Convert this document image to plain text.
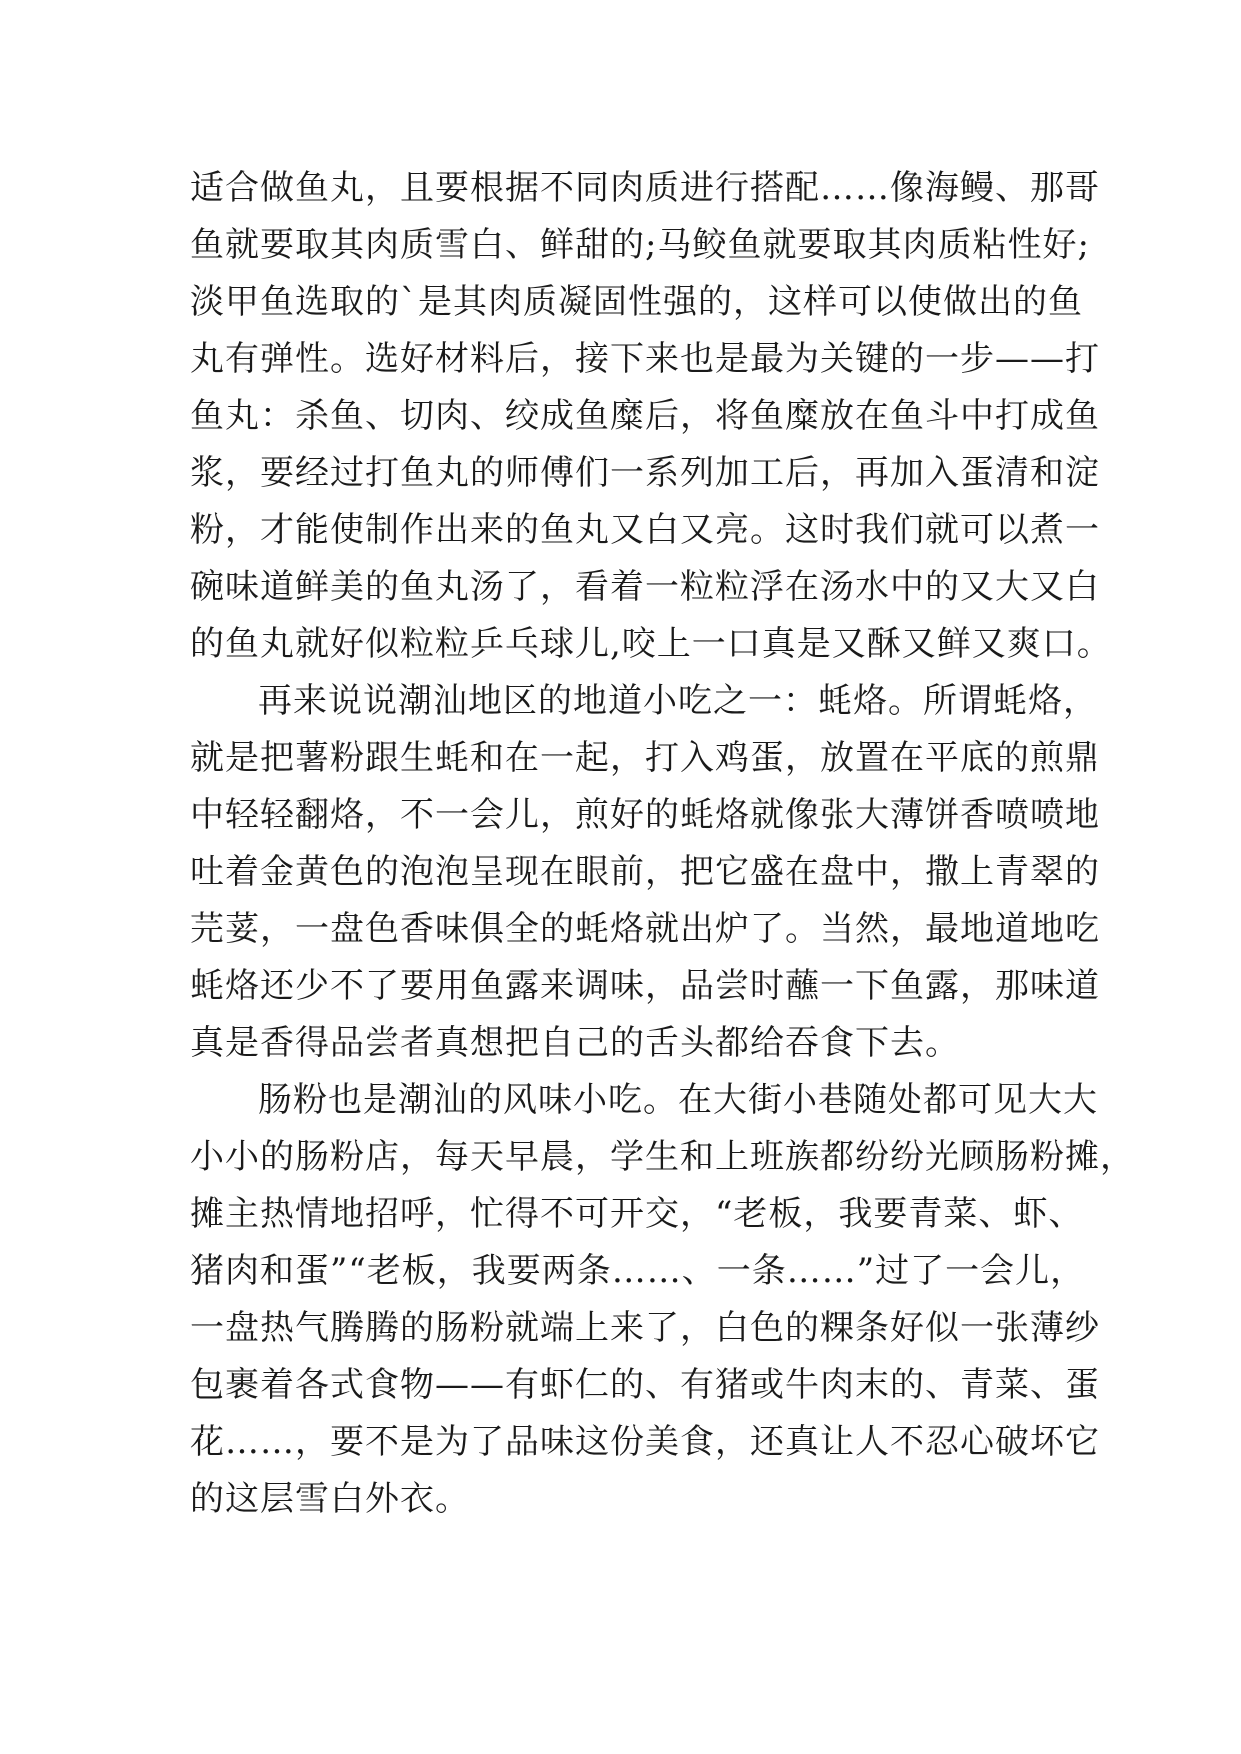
适合做鱼丸，且要根据不同肉质进行搭配……像海鳗、那哥
鱼就要取其肉质雪白、鲜甜的;马鲛鱼就要取其肉质粘性好;
淡甲鱼选取的`是其肉质凝固性强的，这样可以使做出的鱼
丸有弹性。选好材料后，接下来也是最为关键的一步——打
鱼丸：杀鱼、切肉、绞成鱼糜后，将鱼糜放在鱼斗中打成鱼
浆，要经过打鱼丸的师傅们一系列加工后，再加入蛋清和淀
粉，才能使制作出来的鱼丸又白又亮。这时我们就可以煮一
碗味道鲜美的鱼丸汤了，看着一粒粒浮在汤水中的又大又白
的鱼丸就好似粒粒乒乓球儿,咬上一口真是又酥又鲜又爽口。
再来说说潮汕地区的地道小吃之一：蚝烙。所谓蚝烙，
就是把薯粉跟生蚝和在一起，打入鸡蛋，放置在平底的煎鼎
中轻轻翻烙，不一会儿，煎好的蚝烙就像张大薄饼香喷喷地
吐着金黄色的泡泡呈现在眼前，把它盛在盘中，撒上青翠的
芫荽，一盘色香味俱全的蚝烙就出炉了。当然，最地道地吃
蚝烙还少不了要用鱼露来调味，品尝时蘸一下鱼露，那味道
真是香得品尝者真想把自己的舌头都给吞食下去。
肠粉也是潮汕的风味小吃。在大街小巷随处都可见大大
小小的肠粉店，每天早晨，学生和上班族都纷纷光顾肠粉摊，
摊主热情地招呼，忙得不可开交，“老板，我要青菜、虾、
猪肉和蛋”“老板，我要两条……、一条……”过了一会儿，
一盘热气腾腾的肠粉就端上来了，白色的粿条好似一张薄纱
包裹着各式食物——有虾仁的、有猪或牛肉末的、青菜、蛋
花……，要不是为了品味这份美食，还真让人不忍心破坏它
的这层雪白外衣。
